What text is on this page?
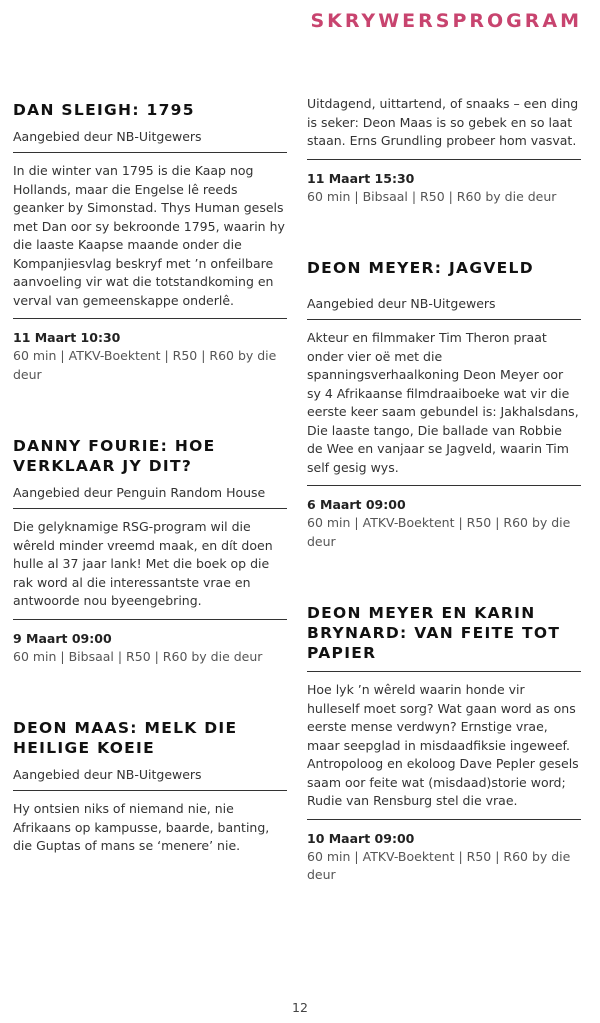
SKRYWERSPROGRAM
DAN SLEIGH: 1795
Aangebied deur NB-Uitgewers
In die winter van 1795 is die Kaap nog Hollands, maar die Engelse lê reeds geanker by Simonstad. Thys Human gesels met Dan oor sy bekroonde 1795, waarin hy die laaste Kaapse maande onder die Kompanjiesvlag beskryf met ’n onfeilbare aanvoeling vir wat die totstandkoming en verval van gemeenskappe onderlê.
11 Maart 10:30
60 min | ATKV-Boektent | R50 | R60 by die deur
DANNY FOURIE: HOE VERKLAAR JY DIT?
Aangebied deur Penguin Random House
Die gelyknamige RSG-program wil die wêreld minder vreemd maak, en dít doen hulle al 37 jaar lank! Met die boek op die rak word al die interessantste vrae en antwoorde nou byeengebring.
9 Maart 09:00
60 min | Bibsaal | R50 | R60 by die deur
DEON MAAS: MELK DIE HEILIGE KOEIE
Aangebied deur NB-Uitgewers
Hy ontsien niks of niemand nie, nie Afrikaans op kampusse, baarde, banting, die Guptas of mans se ‘menere’ nie.
Uitdagend, uittartend, of snaaks – een ding is seker: Deon Maas is so gebek en so laat staan. Erns Grundling probeer hom vasvat.
11 Maart 15:30
60 min | Bibsaal | R50 | R60 by die deur
DEON MEYER: JAGVELD
Aangebied deur NB-Uitgewers
Akteur en filmmaker Tim Theron praat onder vier oë met die spanningsverhaalkoning Deon Meyer oor sy 4 Afrikaanse filmdraaiboeke wat vir die eerste keer saam gebundel is: Jakhalsdans, Die laaste tango, Die ballade van Robbie de Wee en vanjaar se Jagveld, waarin Tim self gesig wys.
6 Maart 09:00
60 min | ATKV-Boektent | R50 | R60 by die deur
DEON MEYER EN KARIN BRYNARD: VAN FEITE TOT PAPIER
Hoe lyk ’n wêreld waarin honde vir hulleself moet sorg? Wat gaan word as ons eerste mense verdwyn? Ernstige vrae, maar seepglad in misdaadfiksie ingeweef. Antropoloog en ekoloog Dave Pepler gesels saam oor feite wat (misdaad)storie word; Rudie van Rensburg stel die vrae.
10 Maart 09:00
60 min | ATKV-Boektent | R50 | R60 by die deur
12
